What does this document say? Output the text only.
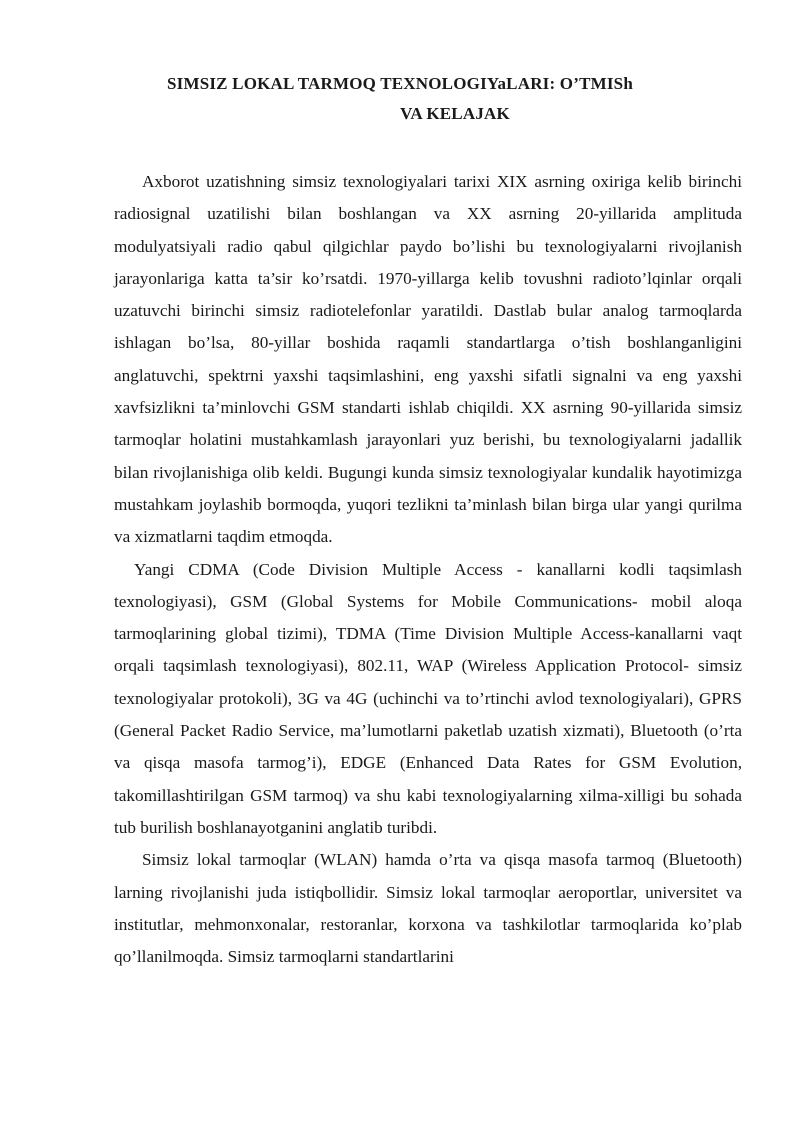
SIMSIZ LOKAL TARMOQ TEXNOLOGIYaLARI: O’TMISh
VA KELAJAK

Axborot uzatishning simsiz texnologiyalari tarixi XIX asrning oxiriga kelib birinchi radiosignal uzatilishi bilan boshlangan va XX asrning 20-yillarida amplituda modulyatsiyali radio qabul qilgichlar paydo bo’lishi bu texnologiyalarni rivojlanish jarayonlariga katta ta’sir ko’rsatdi. 1970-yillarga kelib tovushni radioto’lqinlar orqali uzatuvchi birinchi simsiz radiotelefonlar yaratildi. Dastlab bular analog tarmoqlarda ishlagan bo’lsa, 80-yillar boshida raqamli standartlarga o’tish boshlanganligini anglatuvchi, spektrni yaxshi taqsimlashini, eng yaxshi sifatli signalni va eng yaxshi xavfsizlikni ta’minlovchi GSM standarti ishlab chiqildi. XX asrning 90-yillarida simsiz tarmoqlar holatini mustahkamlash jarayonlari yuz berishi, bu texnologiyalarni jadallik bilan rivojlanishiga olib keldi. Bugungi kunda simsiz texnologiyalar kundalik hayotimizga mustahkam joylashib bormoqda, yuqori tezlikni ta’minlash bilan birga ular yangi qurilma va xizmatlarni taqdim etmoqda.

Yangi CDMA (Code Division Multiple Access - kanallarni kodli taqsimlash texnologiyasi), GSM (Global Systems for Mobile Communications- mobil aloqa tarmoqlarining global tizimi), TDMA (Time Division Multiple Access-kanallarni vaqt orqali taqsimlash texnologiyasi), 802.11, WAP (Wireless Application Protocol- simsiz texnologiyalar protokoli), 3G va 4G (uchinchi va to’rtinchi avlod texnologiyalari), GPRS (General Packet Radio Service, ma’lumotlarni paketlab uzatish xizmati), Bluetooth (o’rta va qisqa masofa tarmog’i), EDGE (Enhanced Data Rates for GSM Evolution, takomillashtirilgan GSM tarmoq) va shu kabi texnologiyalarning xilma-xilligi bu sohada tub burilish boshlanayotganini anglatib turibdi.

Simsiz lokal tarmoqlar (WLAN) hamda o’rta va qisqa masofa tarmoq (Bluetooth) larning rivojlanishi juda istiqbollidir. Simsiz lokal tarmoqlar aeroportlar, universitet va institutlar, mehmonxonalar, restoranlar, korxona va tashkilotlar tarmoqlarida ko’plab qo’llanilmoqda. Simsiz tarmoqlarni standartlarini
